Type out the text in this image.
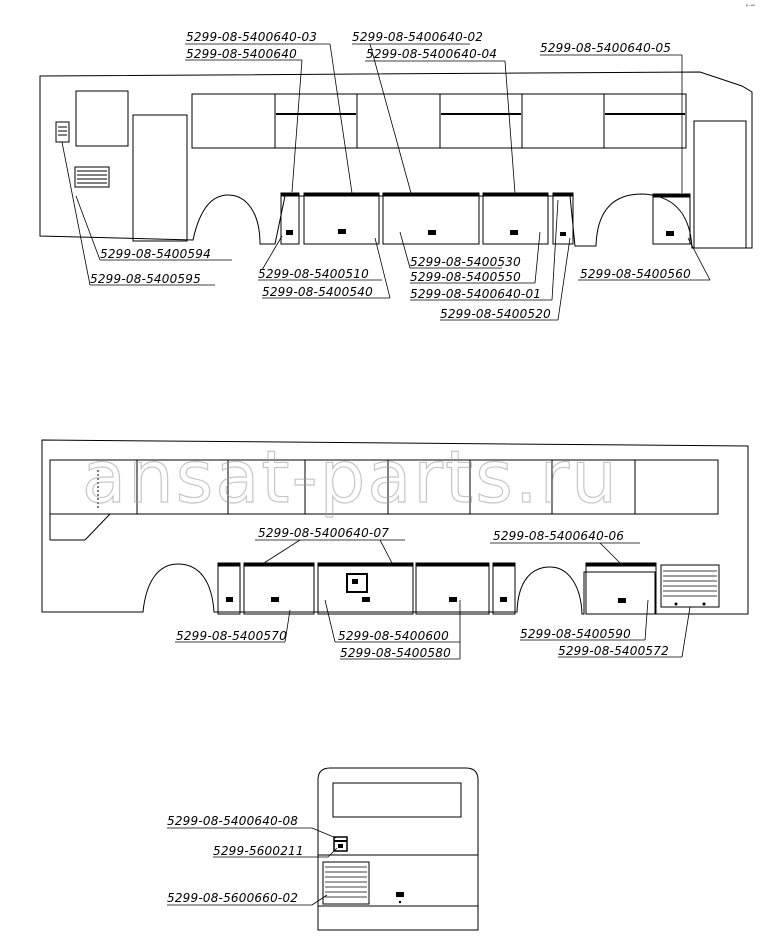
ansat-parts.ru
ᵖ⁻ᵘᵘ
5299-08-5400640-03
5299-08-5400640
5299-08-5400640-02
5299-08-5400640-04	5299-08-5400640-05
5299-08-5400594
5299-08-5400595	5299-08-5400510
5299-08-5400540
5299-08-5400530
5299-08-5400550
5299-08-5400640-01
5299-08-5400520
5299-08-5400560
5299-08-5400640-07	5299-08-5400640-06
5299-08-5400570	5299-08-5400600
5299-08-5400580
5299-08-5400590
5299-08-5400572
5299-08-5400640-08
5299-5600211
5299-08-5600660-02
